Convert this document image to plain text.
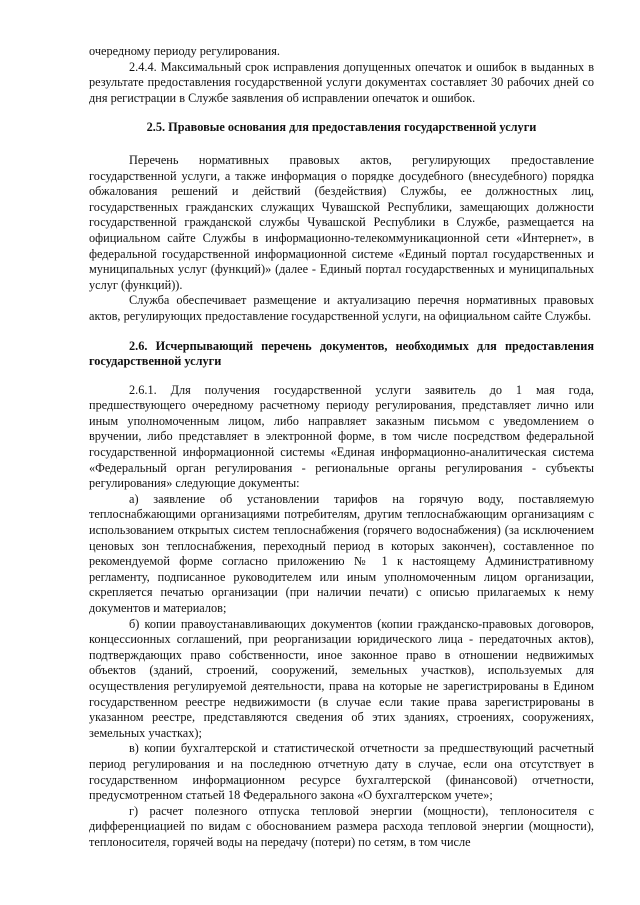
очередному периоду регулирования.

2.4.4. Максимальный срок исправления допущенных опечаток и ошибок в выданных в результате предоставления государственной услуги документах составляет 30 рабочих дней со дня регистрации в Службе заявления об исправлении опечаток и ошибок.

2.5. Правовые основания для предоставления государственной услуги

Перечень нормативных правовых актов, регулирующих предоставление государственной услуги, а также информация о порядке досудебного (внесудебного) порядка обжалования решений и действий (бездействия) Службы, ее должностных лиц, государственных гражданских служащих Чувашской Республики, замещающих должности государственной гражданской службы Чувашской Республики в Службе, размещается на официальном сайте Службы в информационно-телекоммуникационной сети «Интернет», в федеральной государственной информационной системе «Единый портал государственных и муниципальных услуг (функций)» (далее - Единый портал государственных и муниципальных услуг (функций)).

Служба обеспечивает размещение и актуализацию перечня нормативных правовых актов, регулирующих предоставление государственной услуги, на официальном сайте Службы.

2.6. Исчерпывающий перечень документов, необходимых для предоставления государственной услуги

2.6.1. Для получения государственной услуги заявитель до 1 мая года, предшествующего очередному расчетному периоду регулирования, представляет лично или иным уполномоченным лицом, либо направляет заказным письмом с уведомлением о вручении, либо представляет в электронной форме, в том числе посредством федеральной государственной информационной системы «Единая информационно-аналитическая система «Федеральный орган регулирования - региональные органы регулирования - субъекты регулирования» следующие документы:

а) заявление об установлении тарифов на горячую воду, поставляемую теплоснабжающими организациями потребителям, другим теплоснабжающим организациям с использованием открытых систем теплоснабжения (горячего водоснабжения) (за исключением ценовых зон теплоснабжения, переходный период в которых закончен), составленное по рекомендуемой форме согласно приложению № 1 к настоящему Административному регламенту, подписанное руководителем или иным уполномоченным лицом организации, скрепляется печатью организации (при наличии печати) с описью прилагаемых к нему документов и материалов;

б) копии правоустанавливающих документов (копии гражданско-правовых договоров, концессионных соглашений, при реорганизации юридического лица - передаточных актов), подтверждающих право собственности, иное законное право в отношении недвижимых объектов (зданий, строений, сооружений, земельных участков), используемых для осуществления регулируемой деятельности, права на которые не зарегистрированы в Едином государственном реестре недвижимости (в случае если такие права зарегистрированы в указанном реестре, представляются сведения об этих зданиях, строениях, сооружениях, земельных участках);

в) копии бухгалтерской и статистической отчетности за предшествующий расчетный период регулирования и на последнюю отчетную дату в случае, если она отсутствует в государственном информационном ресурсе бухгалтерской (финансовой) отчетности, предусмотренном статьей 18 Федерального закона «О бухгалтерском учете»;

г) расчет полезного отпуска тепловой энергии (мощности), теплоносителя с дифференциацией по видам с обоснованием размера расхода тепловой энергии (мощности), теплоносителя, горячей воды на передачу (потери) по сетям, в том числе
